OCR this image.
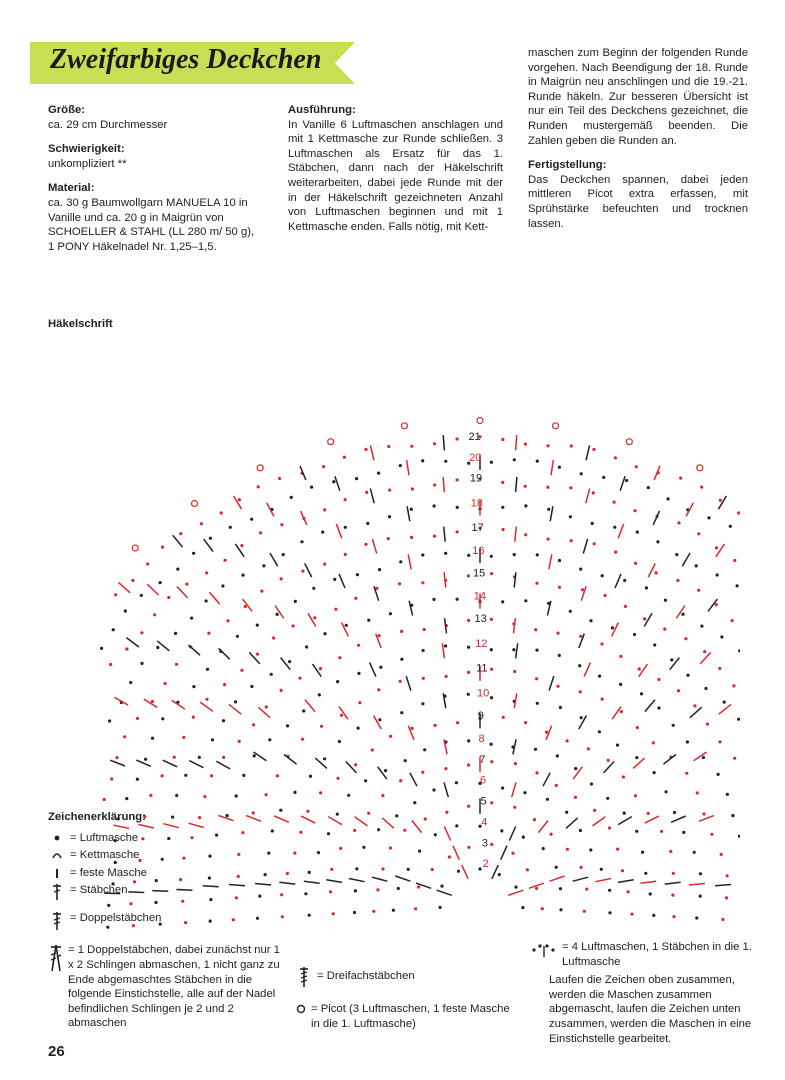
Zweifarbiges Deckchen
Größe:

ca. 29 cm Durchmesser

Schwierigkeit:

unkompliziert **

Material:

ca. 30 g Baumwollgarn MANUELA 10 in Vanille und ca. 20 g in Maigrün von SCHOELLER & STAHL (LL 280 m/ 50 g), 1 PONY Häkelnadel Nr. 1,25–1,5.

Ausführung:

In Vanille 6 Luftmaschen anschlagen und mit 1 Kettmasche zur Runde schließen. 3 Luftmaschen als Ersatz für das 1. Stäbchen, dann nach der Häkelschrift weiterarbeiten, dabei jede Runde mit der in der Häkelschrift gezeichneten Anzahl von Luftmaschen beginnen und mit 1 Kettmasche enden. Falls nötig, mit Kett-

maschen zum Beginn der folgenden Runde vorgehen. Nach Beendigung der 18. Runde in Maigrün neu anschlingen und die 19.-21. Runde häkeln. Zur besseren Übersicht ist nur ein Teil des Deckchens gezeichnet, die Runden mustergemäß beenden. Die Zahlen geben die Runden an.

Fertigstellung:

Das Deckchen spannen, dabei jeden mittleren Picot extra erfassen, mit Sprühstärke befeuchten und trocknen lassen.

Häkelschrift
2
3
4
5
6
7
8
9
10
11
12
13
14
15
16
17
18
19
20
21
Zeichenerklärung:
= Luftmasche
= Kettmasche
= feste Masche
= Stäbchen
= Doppelstäbchen
= 1 Doppelstäbchen, dabei zunächst nur 1 x 2 Schlingen abmaschen, 1 nicht ganz zu Ende abgemaschtes Stäbchen in die folgende Einstichstelle, alle auf der Nadel befindlichen Schlingen je 2 und 2 abmaschen
= Dreifachstäbchen
= Picot (3 Luftmaschen, 1 feste Masche in die 1. Luftmasche)
= 4 Luftmaschen, 1 Stäbchen in die 1. Luftmasche

Laufen die Zeichen oben zusammen, werden die Maschen zusammen abgemascht, laufen die Zeichen unten zusammen, werden die Maschen in eine Einstichstelle gearbeitet.

26
